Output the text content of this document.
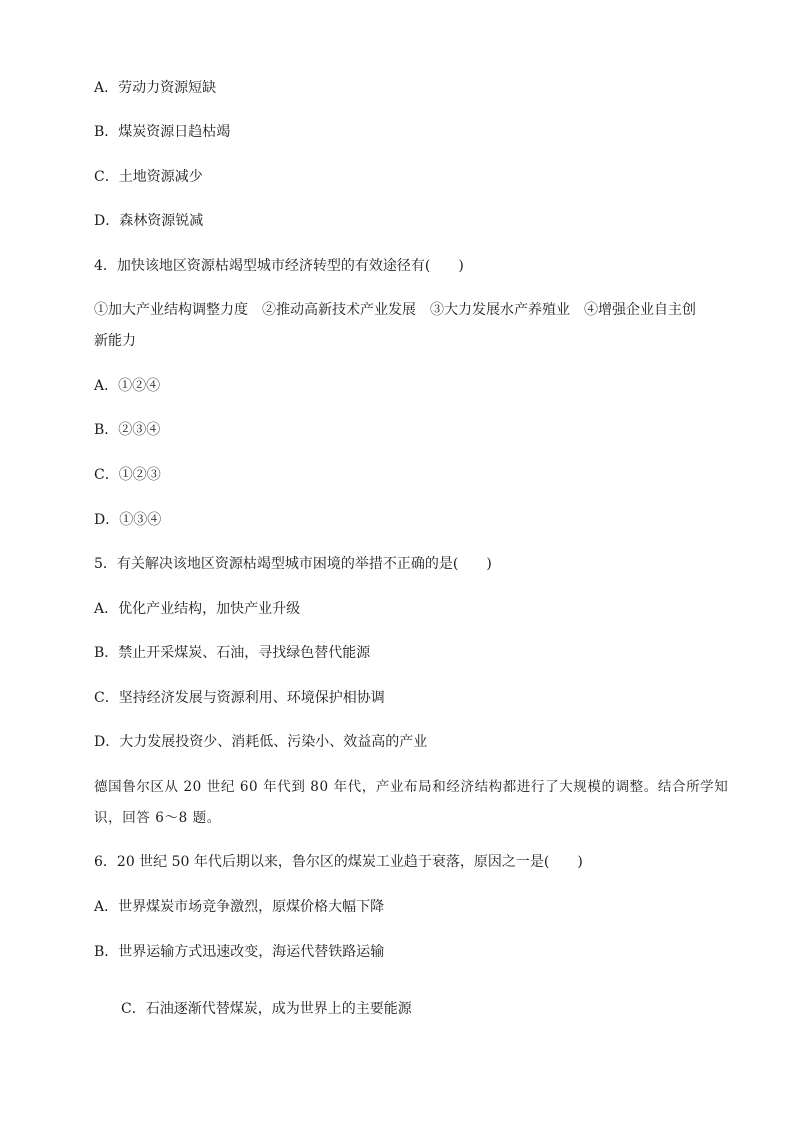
A．劳动力资源短缺
B．煤炭资源日趋枯竭
C．土地资源减少
D．森林资源锐减
4．加快该地区资源枯竭型城市经济转型的有效途径有(　　)
①加大产业结构调整力度　②推动高新技术产业发展　③大力发展水产养殖业　④增强企业自主创
新能力
A．①②④
B．②③④
C．①②③
D．①③④
5．有关解决该地区资源枯竭型城市困境的举措不正确的是(　　)
A．优化产业结构，加快产业升级
B．禁止开采煤炭、石油，寻找绿色替代能源
C．坚持经济发展与资源利用、环境保护相协调
D．大力发展投资少、消耗低、污染小、效益高的产业
德国鲁尔区从 20 世纪 60 年代到 80 年代，产业布局和经济结构都进行了大规模的调整。结合所学知
识，回答 6～8 题。
6．20 世纪 50 年代后期以来，鲁尔区的煤炭工业趋于衰落，原因之一是(　　)
A．世界煤炭市场竞争激烈，原煤价格大幅下降
B．世界运输方式迅速改变，海运代替铁路运输
C．石油逐渐代替煤炭，成为世界上的主要能源
